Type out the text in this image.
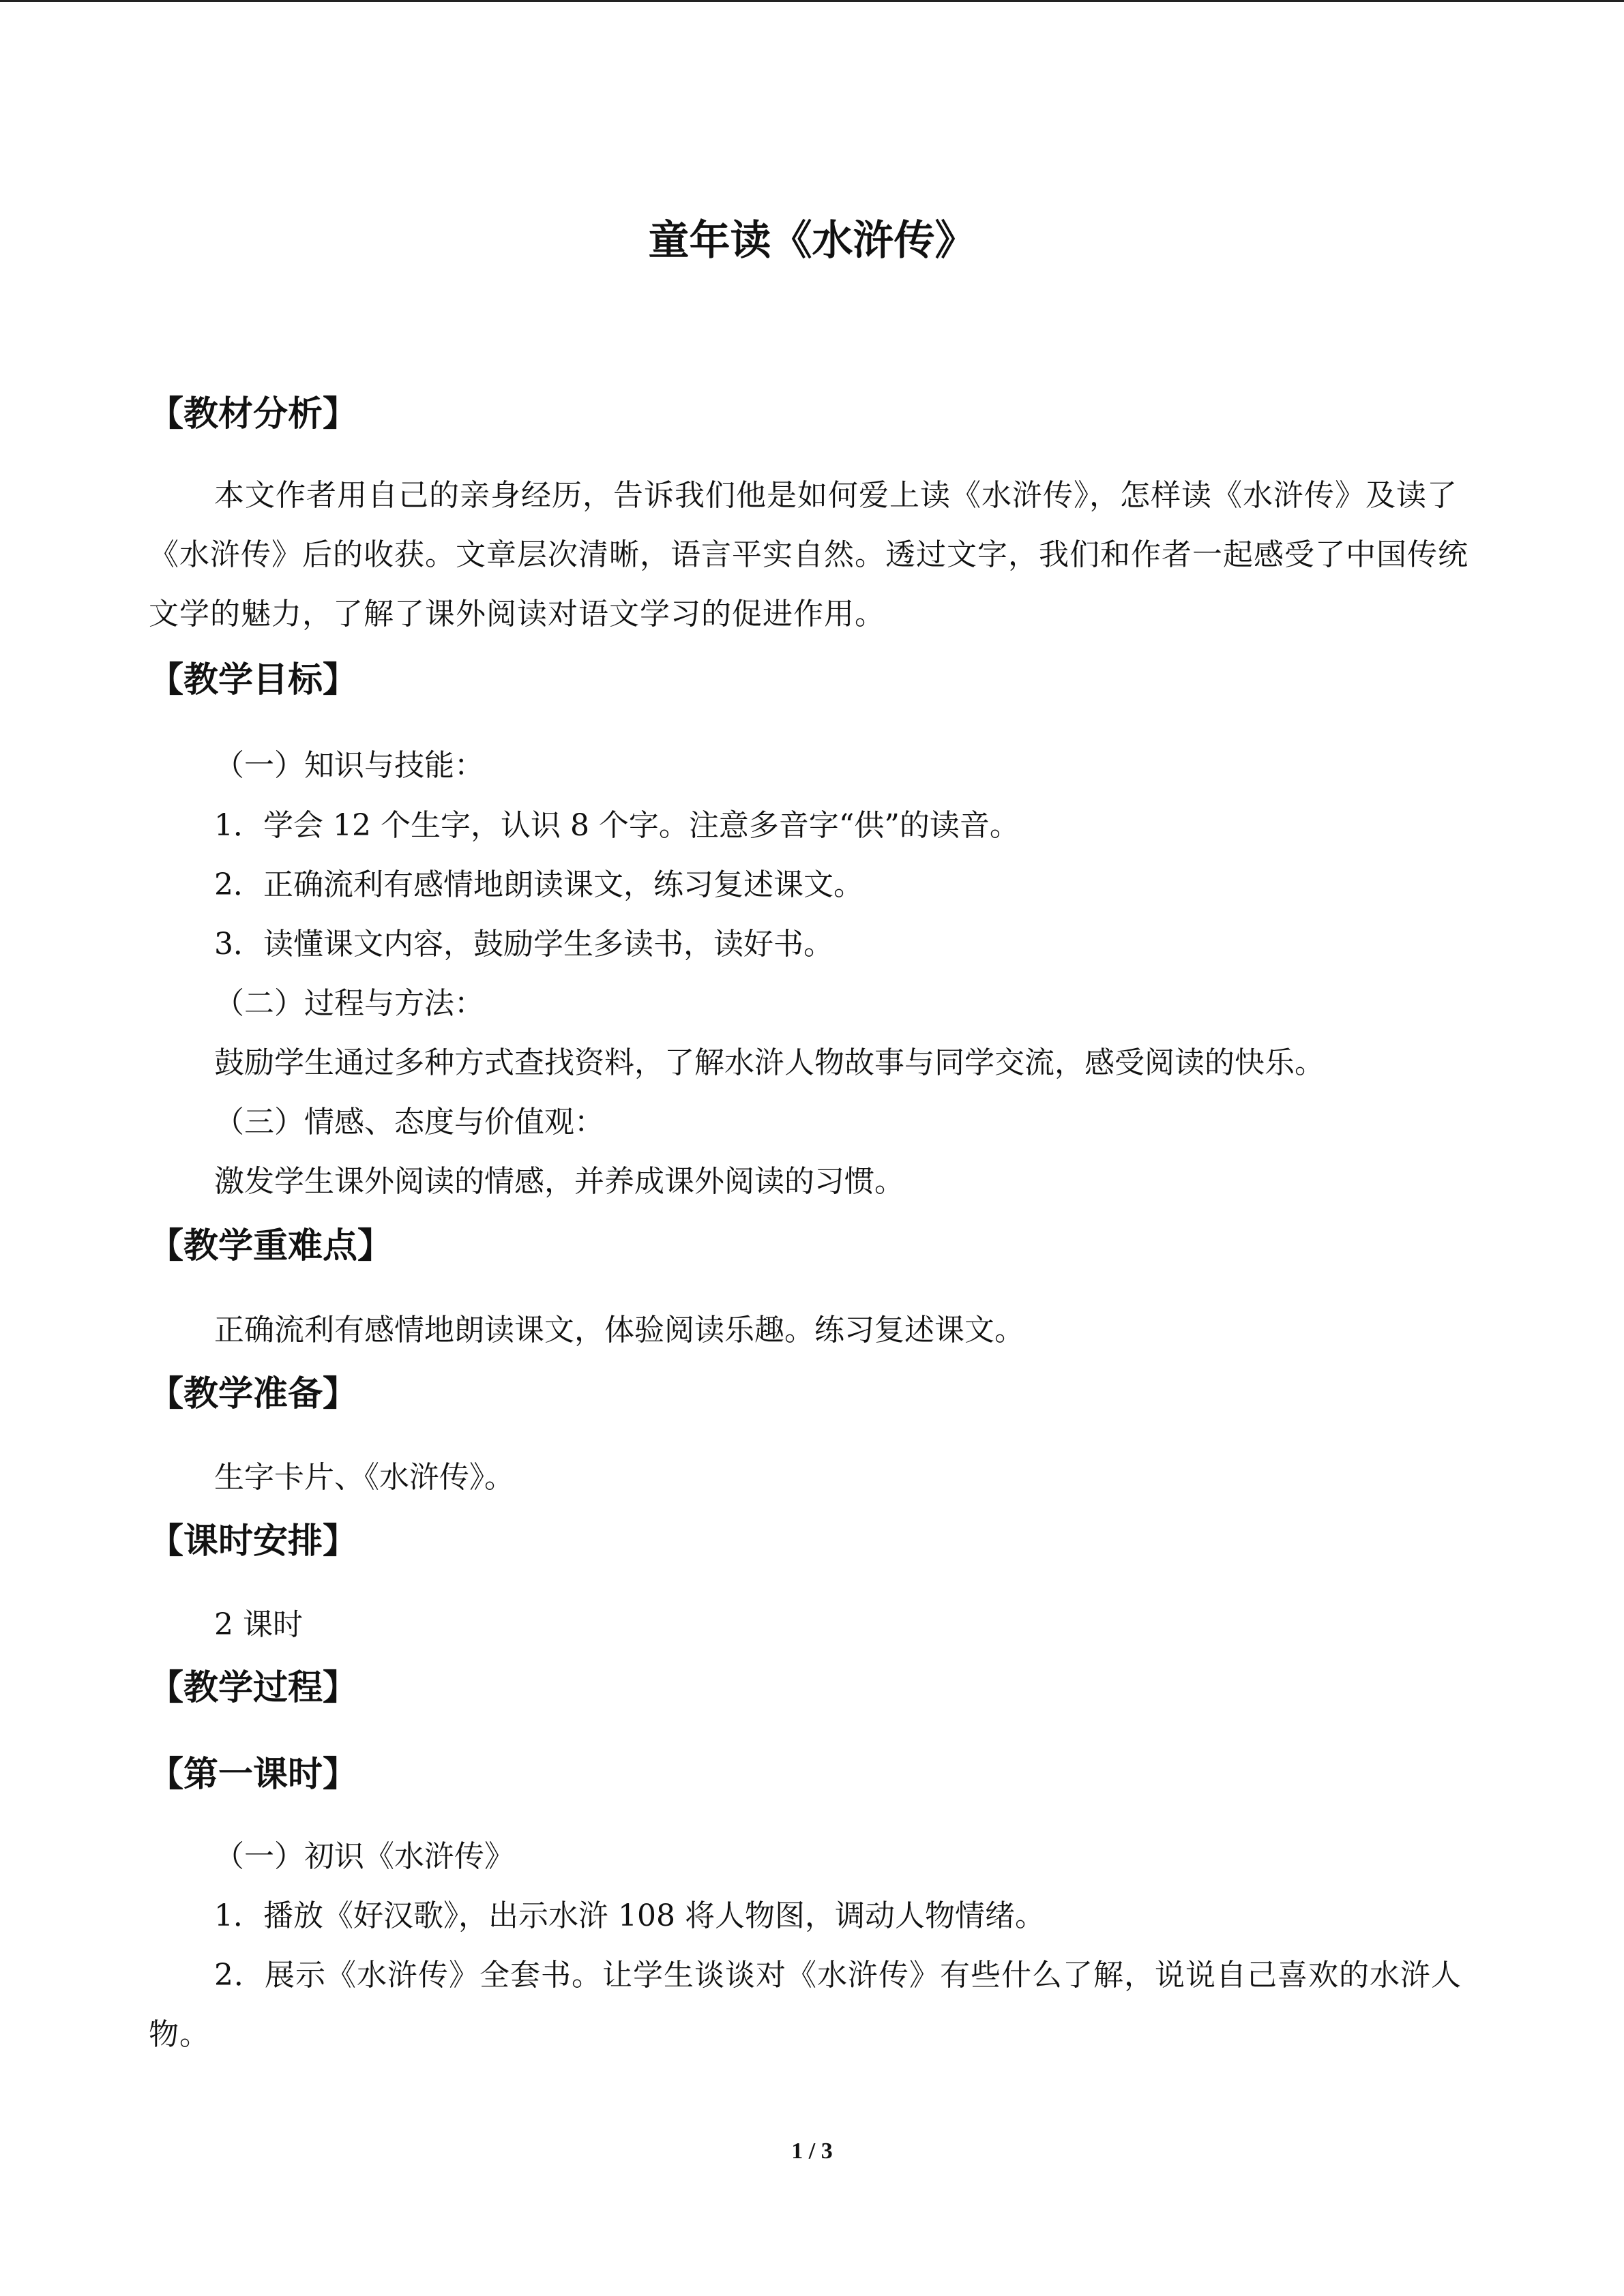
童年读《水浒传》
【教材分析】
本文作者用自己的亲身经历，告诉我们他是如何爱上读《水浒传》，怎样读《水浒传》及读了《水浒传》后的收获。文章层次清晰，语言平实自然。透过文字，我们和作者一起感受了中国传统文学的魅力，了解了课外阅读对语文学习的促进作用。
【教学目标】
（一）知识与技能：
1．学会 12 个生字，认识 8 个字。注意多音字“供”的读音。
2．正确流利有感情地朗读课文，练习复述课文。
3．读懂课文内容，鼓励学生多读书，读好书。
（二）过程与方法：
鼓励学生通过多种方式查找资料，了解水浒人物故事与同学交流，感受阅读的快乐。
（三）情感、态度与价值观：
激发学生课外阅读的情感，并养成课外阅读的习惯。
【教学重难点】
正确流利有感情地朗读课文，体验阅读乐趣。练习复述课文。
【教学准备】
生字卡片、《水浒传》。
【课时安排】
2 课时
【教学过程】
【第一课时】
（一）初识《水浒传》
1．播放《好汉歌》，出示水浒 108 将人物图，调动人物情绪。
2．展示《水浒传》全套书。让学生谈谈对《水浒传》有些什么了解，说说自己喜欢的水浒人物。
1 / 3
